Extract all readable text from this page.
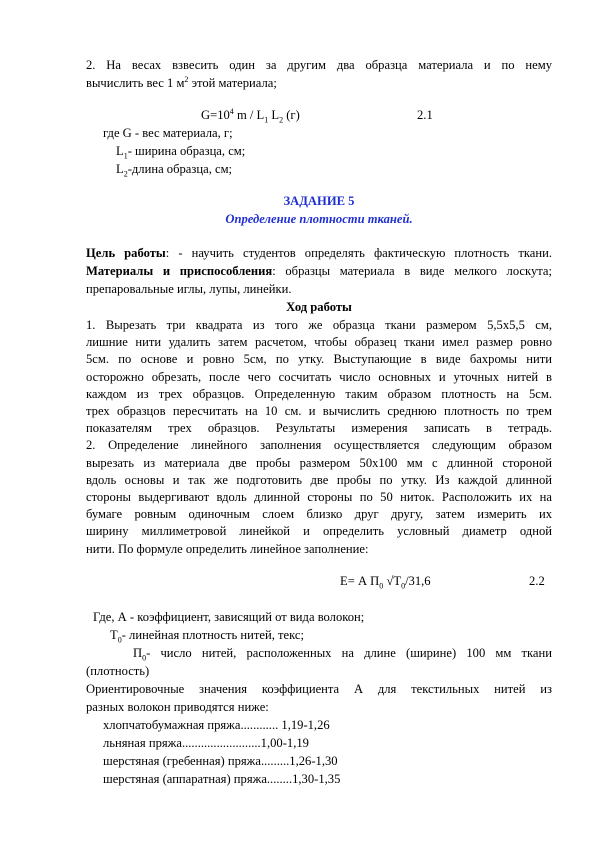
2. На весах взвесить один за другим два образца материала и по нему
вычислить вес 1 $м^2$ этой материала;
$G=10^4$ m / $L_1$ $L_2$ (г)	2.1
где G - вес материала, г;
$L_1-$ ширина образца, см;
$L_2$-длина образца, см;
ЗАДАНИЕ 5
Определение плотности тканей.
Цель работы: - научить студентов определять фактическую плотность ткани.
Материалы и приспособления: образцы материала в виде мелкого лоскута;
препаровальные иглы, лупы, линейки.
Ход работы
1. Вырезать три квадрата из того же образца ткани размером 5,5х5,5 см,
лишние нити удалить затем расчетом, чтобы образец ткани имел размер ровно
5см. по основе и ровно 5см, по утку. Выступающие в виде бахромы нити
осторожно обрезать, после чего сосчитать число основных и уточных нитей в
каждом из трех образцов. Определенную таким образом плотность на 5см.
трех образцов пересчитать на 10 см. и вычислить среднюю плотность по трем
показателям трех образцов. Результаты измерения записать в тетрадь.
2. Определение линейного заполнения осуществляется следующим образом
вырезать из материала две пробы размером 50х100 мм с длинной стороной
вдоль основы и так же подготовить две пробы по утку. Из каждой длинной
стороны выдергивают вдоль длинной стороны по 50 ниток. Расположить их на
бумаге ровным одиночным слоем близко друг другу, затем измерить их
ширину миллиметровой линейкой и определить условный диаметр одной
нити. По формуле определить линейное заполнение:
E= А $П_0$ $√T_0/31,6$	2.2
Где, А - коэффициент, зависящий от вида волокон;
$T_0-$ линейная плотность нитей, текс;
$П_0-$ число нитей, расположенных на длине (ширине) 100 мм ткани
(плотность)
Ориентировочные значения коэффициента А для текстильных нитей из
разных волокон приводятся ниже:
хлопчатобумажная пряжа............ 1,19-1,26
льняная пряжа.........................1,00-1,19
шерстяная (гребенная) пряжа.........1,26-1,30
шерстяная (аппаратная) пряжа........1,30-1,35
